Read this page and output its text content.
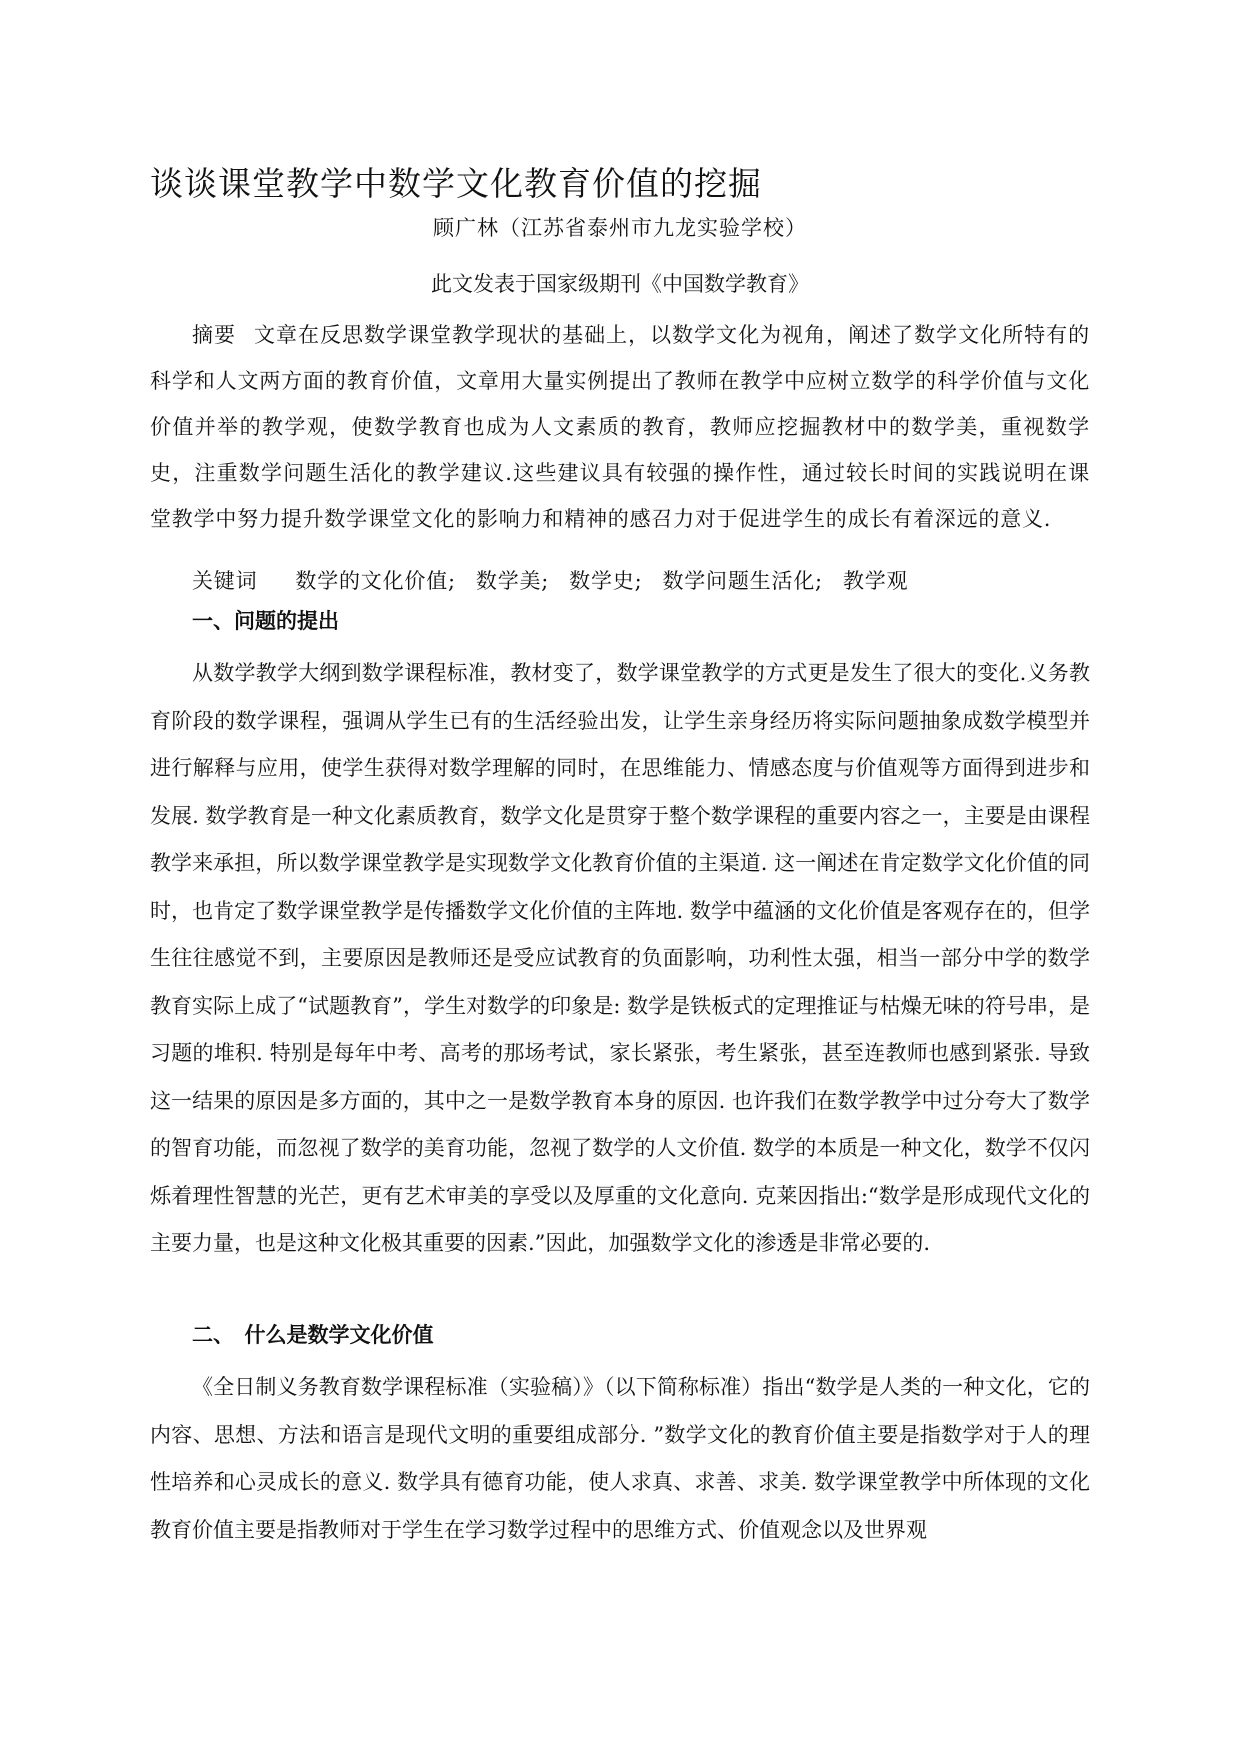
谈谈课堂教学中数学文化教育价值的挖掘
顾广林（江苏省泰州市九龙实验学校）
此文发表于国家级期刊《中国数学教育》

摘要 文章在反思数学课堂教学现状的基础上，以数学文化为视角，阐述了数学文化所特有的科学和人文两方面的教育价值，文章用大量实例提出了教师在教学中应树立数学的科学价值与文化价值并举的教学观，使数学教育也成为人文素质的教育，教师应挖掘教材中的数学美，重视数学史，注重数学问题生活化的教学建议.这些建议具有较强的操作性，通过较长时间的实践说明在课堂教学中努力提升数学课堂文化的影响力和精神的感召力对于促进学生的成长有着深远的意义.

关键词 数学的文化价值; 数学美; 数学史; 数学问题生活化; 教学观

一、问题的提出

从数学教学大纲到数学课程标准，教材变了，数学课堂教学的方式更是发生了很大的变化.义务教育阶段的数学课程，强调从学生已有的生活经验出发，让学生亲身经历将实际问题抽象成数学模型并进行解释与应用，使学生获得对数学理解的同时，在思维能力、情感态度与价值观等方面得到进步和发展. 数学教育是一种文化素质教育，数学文化是贯穿于整个数学课程的重要内容之一，主要是由课程教学来承担，所以数学课堂教学是实现数学文化教育价值的主渠道. 这一阐述在肯定数学文化价值的同时，也肯定了数学课堂教学是传播数学文化价值的主阵地. 数学中蕴涵的文化价值是客观存在的，但学生往往感觉不到，主要原因是教师还是受应试教育的负面影响，功利性太强，相当一部分中学的数学教育实际上成了“试题教育”，学生对数学的印象是: 数学是铁板式的定理推证与枯燥无味的符号串，是习题的堆积. 特别是每年中考、高考的那场考试，家长紧张，考生紧张，甚至连教师也感到紧张. 导致这一结果的原因是多方面的，其中之一是数学教育本身的原因. 也许我们在数学教学中过分夸大了数学的智育功能，而忽视了数学的美育功能，忽视了数学的人文价值. 数学的本质是一种文化，数学不仅闪烁着理性智慧的光芒，更有艺术审美的享受以及厚重的文化意向. 克莱因指出:“数学是形成现代文化的主要力量，也是这种文化极其重要的因素.”因此，加强数学文化的渗透是非常必要的.

二、　什么是数学文化价值

《全日制义务教育数学课程标准（实验稿）》（以下简称标准）指出“数学是人类的一种文化，它的内容、思想、方法和语言是现代文明的重要组成部分. ”数学文化的教育价值主要是指数学对于人的理性培养和心灵成长的意义. 数学具有德育功能，使人求真、求善、求美. 数学课堂教学中所体现的文化教育价值主要是指教师对于学生在学习数学过程中的思维方式、价值观念以及世界观
